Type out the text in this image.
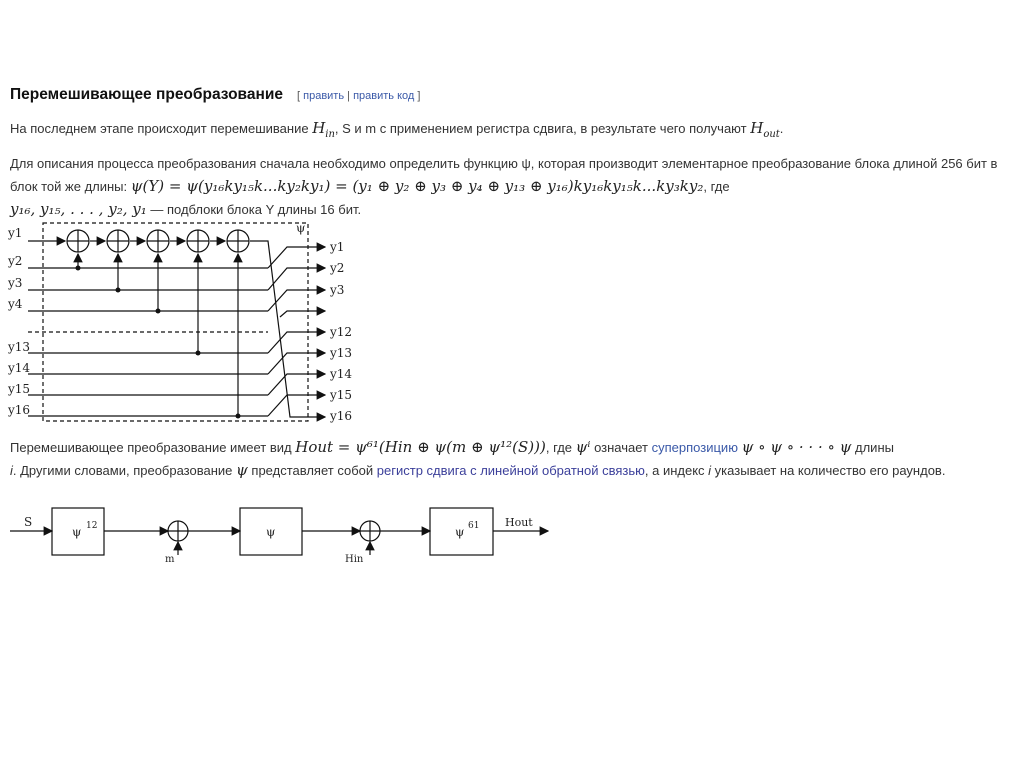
Перемешивающее преобразование [ править | править код ]

На последнем этапе происходит перемешивание $H_{in}$, S и m с применением регистра сдвига, в результате чего получают $H_{out}$.

Для описания процесса преобразования сначала необходимо определить функцию ψ, которая производит элементарное преобразование блока длиной 256 бит в блок той же длины: ψ(Y) = ψ(y₁₆ky₁₅k...ky₂ky₁) = (y₁ ⊕ y₂ ⊕ y₃ ⊕ y₄ ⊕ y₁₃ ⊕ y₁₆)ky₁₆ky₁₅k...ky₃ky₂, где
y₁₆, y₁₅, . . . , y₂, y₁ — подблоки блока Y длины 16 бит.

ψ
y1
y2
y3
y4
y13
y14
y15
y16
y1
y2
y3
y12
y13
y14
y15
y16

Перемешивающее преобразование имеет вид Hout = ψ⁶¹(Hin ⊕ ψ(m ⊕ ψ¹²(S))), где ψⁱ означает суперпозицию ψ ∘ ψ ∘ · · · ∘ ψ длины
i. Другими словами, преобразование ψ представляет собой регистр сдвига с линейной обратной связью, а индекс i указывает на количество его раундов.

S
ψ 12
m
ψ
Hin
ψ 61 Hout
